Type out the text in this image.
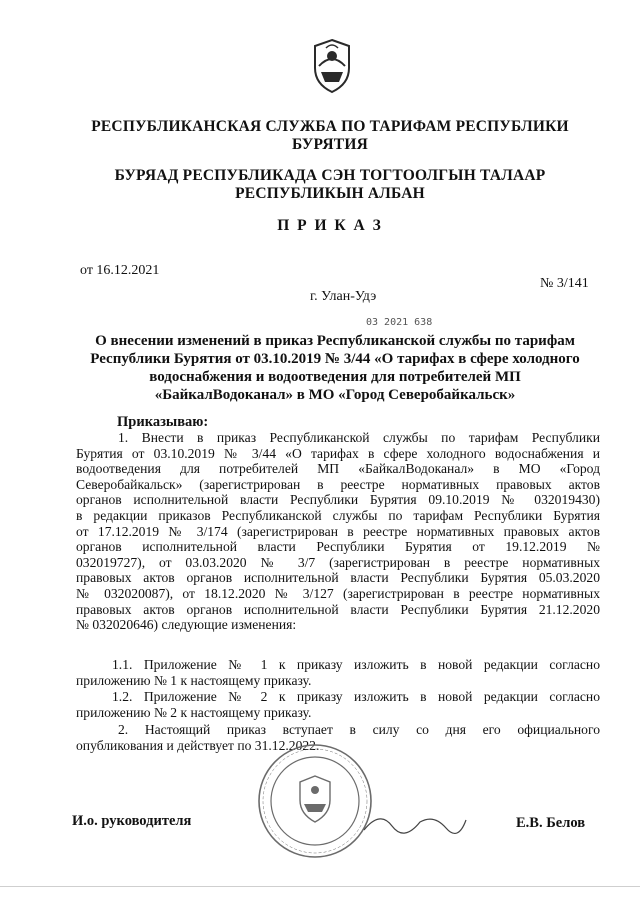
РЕСПУБЛИКАНСКАЯ СЛУЖБА ПО ТАРИФАМ РЕСПУБЛИКИ
БУРЯТИЯ
БУРЯАД РЕСПУБЛИКАДА СЭН ТОГТООЛГЫН ТАЛААР
РЕСПУБЛИКЫН АЛБАН
П Р И К А З
от 16.12.2021
№ 3/141
г. Улан-Удэ
03 2021 638
О внесении изменений в приказ Республиканской службы по тарифам
Республики Бурятия от 03.10.2019 № 3/44 «О тарифах в сфере холодного
водоснабжения и водоотведения для потребителей МП
«БайкалВодоканал» в МО «Город Северобайкальск»
Приказываю:
1. Внести в приказ Республиканской службы по тарифам Республики
Бурятия от 03.10.2019 № 3/44 «О тарифах в сфере холодного водоснабжения и
водоотведения для потребителей МП «БайкалВодоканал» в МО «Город
Северобайкальск» (зарегистрирован в реестре нормативных правовых актов
органов исполнительной власти Республики Бурятия 09.10.2019 № 032019430)
в редакции приказов Республиканской службы по тарифам Республики Бурятия
от 17.12.2019 № 3/174 (зарегистрирован в реестре нормативных правовых актов
органов исполнительной власти Республики Бурятия от 19.12.2019 №
032019727), от 03.03.2020 № 3/7 (зарегистрирован в реестре нормативных
правовых актов органов исполнительной власти Республики Бурятия 05.03.2020
№ 032020087), от 18.12.2020 № 3/127 (зарегистрирован в реестре нормативных
правовых актов органов исполнительной власти Республики Бурятия 21.12.2020
№ 032020646) следующие изменения:
1.1. Приложение № 1 к приказу изложить в новой редакции согласно
приложению № 1 к настоящему приказу.
1.2. Приложение № 2 к приказу изложить в новой редакции согласно
приложению № 2 к настоящему приказу.
2. Настоящий приказ вступает в силу со дня его официального
опубликования и действует по 31.12.2022.
И.о. руководителя	Е.В. Белов
